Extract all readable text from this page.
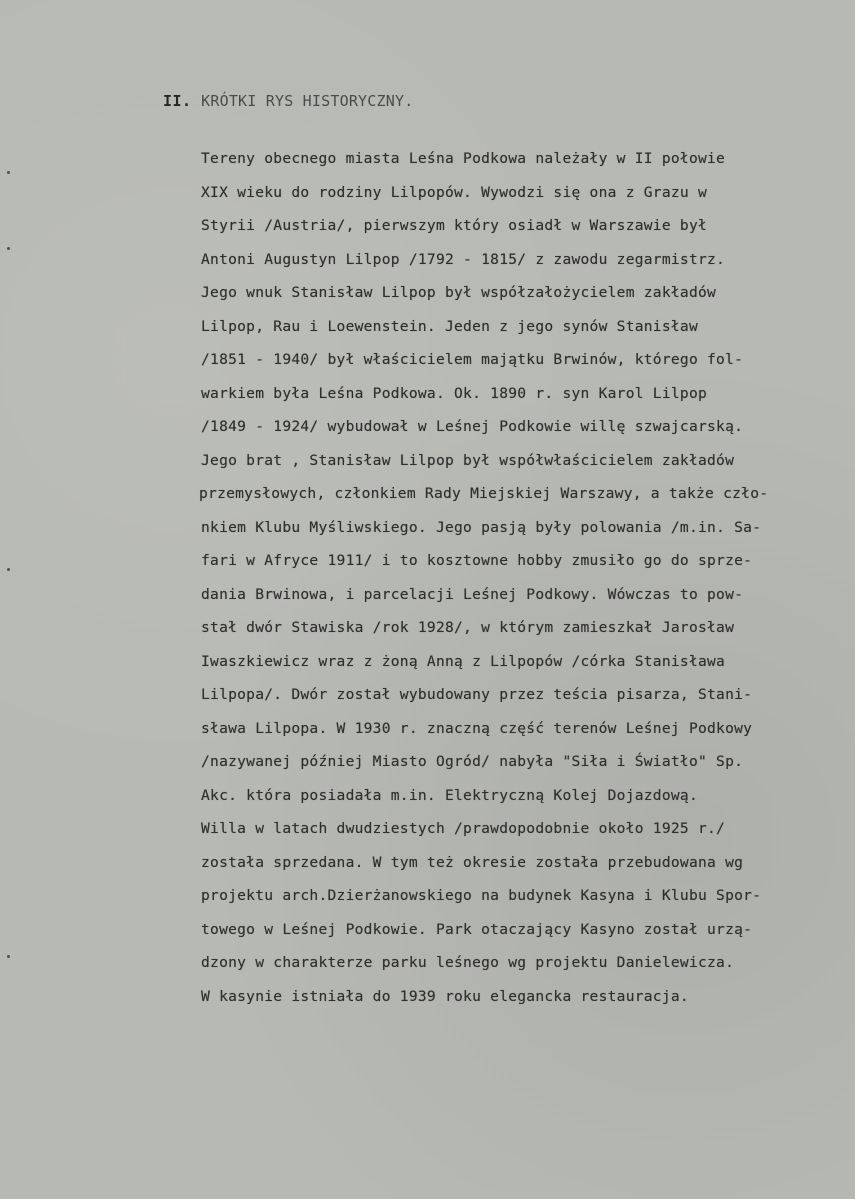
II. KRÓTKI RYS HISTORYCZNY.
Tereny obecnego miasta Leśna Podkowa należały w II połowie
XIX wieku do rodziny Lilpopów. Wywodzi się ona z Grazu w
Styrii /Austria/, pierwszym który osiadł w Warszawie był
Antoni Augustyn Lilpop /1792 - 1815/ z zawodu zegarmistrz.
Jego wnuk Stanisław Lilpop był współzałożycielem zakładów
Lilpop, Rau i Loewenstein. Jeden z jego synów Stanisław
/1851 - 1940/ był właścicielem majątku Brwinów, którego fol-
warkiem była Leśna Podkowa. Ok. 1890 r. syn Karol Lilpop
/1849 - 1924/ wybudował w Leśnej Podkowie willę szwajcarską.
Jego brat , Stanisław Lilpop był współwłaścicielem zakładów
przemysłowych, członkiem Rady Miejskiej Warszawy, a także czło-
nkiem Klubu Myśliwskiego. Jego pasją były polowania /m.in. Sa-
fari w Afryce 1911/ i to kosztowne hobby zmusiło go do sprze-
dania Brwinowa, i parcelacji Leśnej Podkowy. Wówczas to pow-
stał dwór Stawiska /rok 1928/, w którym zamieszkał Jarosław
Iwaszkiewicz wraz z żoną Anną z Lilpopów /córka Stanisława
Lilpopa/. Dwór został wybudowany przez teścia pisarza, Stani-
sława Lilpopa. W 1930 r. znaczną część terenów Leśnej Podkowy
/nazywanej później Miasto Ogród/ nabyła "Siła i Światło" Sp.
Akc. która posiadała m.in. Elektryczną Kolej Dojazdową.
Willa w latach dwudziestych /prawdopodobnie około 1925 r./
została sprzedana. W tym też okresie została przebudowana wg
projektu arch.Dzierżanowskiego na budynek Kasyna i Klubu Spor-
towego w Leśnej Podkowie. Park otaczający Kasyno został urzą-
dzony w charakterze parku leśnego wg projektu Danielewicza.
W kasynie istniała do 1939 roku elegancka restauracja.
